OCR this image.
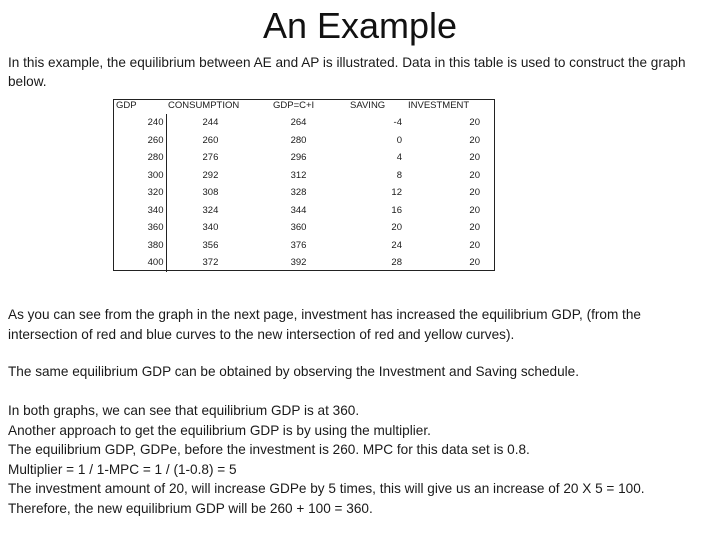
An Example

In this example, the equilibrium between AE and AP is illustrated. Data in this table is used to construct the graph below.

GDP	CONSUMPTION	GDP=C+I	SAVING	INVESTMENT
240	244	264	-4	20
260	260	280	0	20
280	276	296	4	20
300	292	312	8	20
320	308	328	12	20
340	324	344	16	20
360	340	360	20	20
380	356	376	24	20
400	372	392	28	20

As you can see from the graph in the next page, investment has increased the equilibrium GDP, (from the intersection of red and blue curves to the new intersection of red and yellow curves).

The same equilibrium GDP can be obtained by observing the Investment and Saving schedule.

In both graphs, we can see that equilibrium GDP is at 360.
Another approach to get the equilibrium GDP is by using the multiplier.
The equilibrium GDP, GDPe, before the investment is 260. MPC for this data set is 0.8.
Multiplier = 1 / 1-MPC = 1 / (1-0.8) = 5
The investment amount of 20, will increase GDPe by 5 times, this will give us an increase of 20 X 5 = 100.
Therefore, the new equilibrium GDP will be 260 + 100 = 360.
